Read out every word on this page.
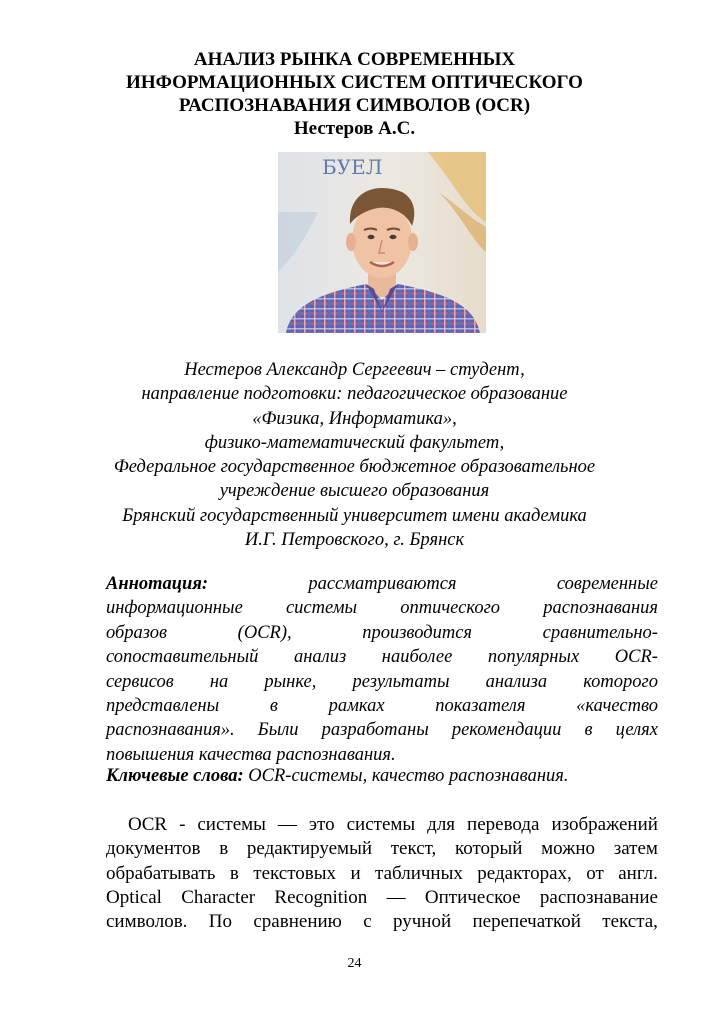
АНАЛИЗ РЫНКА СОВРЕМЕННЫХ
ИНФОРМАЦИОННЫХ СИСТЕМ ОПТИЧЕСКОГО
РАСПОЗНАВАНИЯ СИМВОЛОВ (OCR)
Нестеров А.С.
БУЕЛ
Нестеров Александр Сергеевич – студент,
направление подготовки: педагогическое образование
«Физика, Информатика»,
физико-математический факультет,
Федеральное государственное бюджетное образовательное
учреждение высшего образования
Брянский государственный университет имени академика
И.Г. Петровского, г. Брянск
Аннотация:	рассматриваются	современные
информационные системы оптического распознавания
образов	(OCR),	производится	сравнительно-
сопоставительный анализ наиболее популярных OCR-
сервисов на рынке, результаты анализа которого
представлены	в	рамках	показателя	«качество
распознавания». Были разработаны рекомендации в целях
повышения качества распознавания.
Ключевые слова: OCR-системы, качество распознавания.
OCR - системы — это системы для перевода изображений
документов в редактируемый текст, который можно затем
обрабатывать в текстовых и табличных редакторах, от англ.
Optical Character Recognition — Оптическое распознавание
символов. По сравнению с ручной перепечаткой текста,
24
